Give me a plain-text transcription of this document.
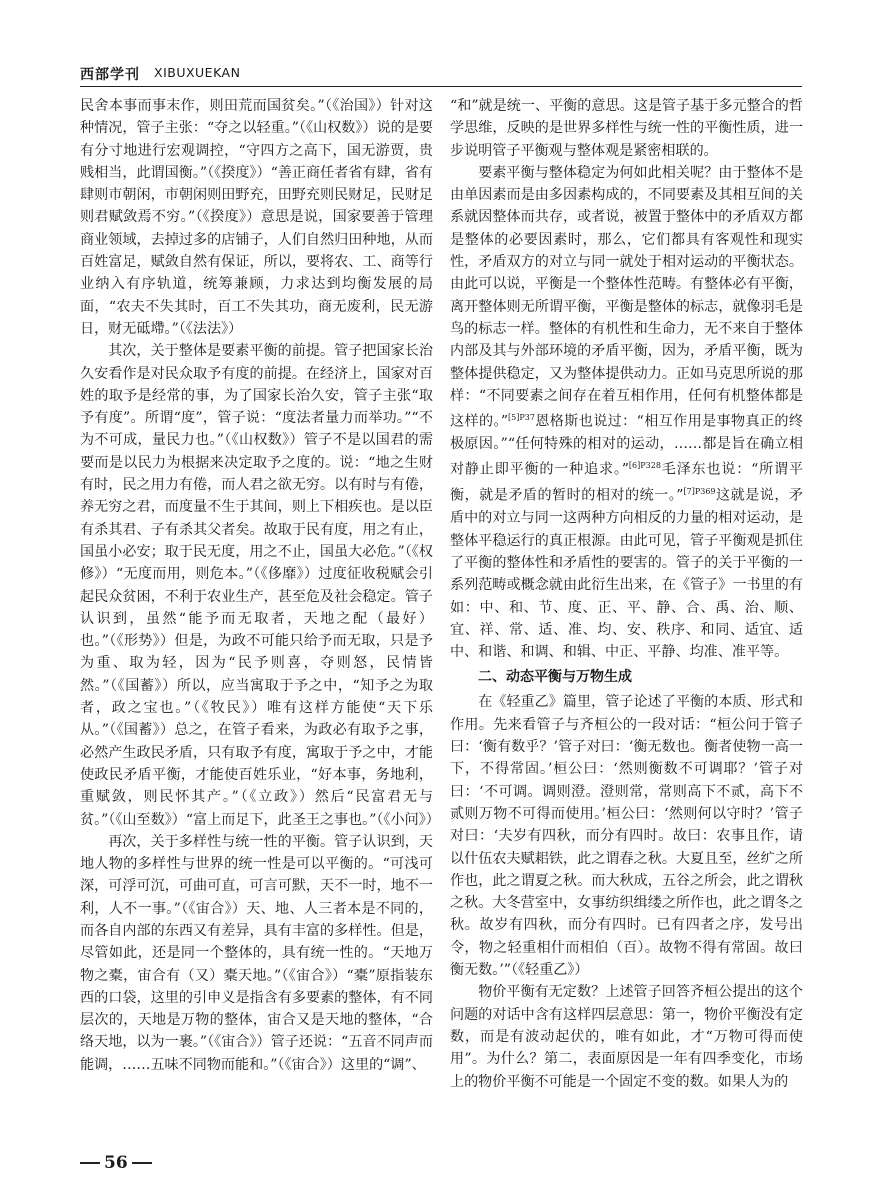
西部学刊 XIBUXUEKAN

民舍本事而事末作，则田荒而国贫矣。”（《治国》）针对这种情况，管子主张：“夺之以轻重。”（《山权数》）说的是要有分寸地进行宏观调控，“守四方之高下，国无游贾，贵贱相当，此谓国衡。”（《揆度》）“善正商任者省有肆，省有肆则市朝闲，市朝闲则田野充，田野充则民财足，民财足则君赋敛焉不穷。”（《揆度》）意思是说，国家要善于管理商业领域，去掉过多的店铺子，人们自然归田种地，从而百姓富足，赋敛自然有保证，所以，要将农、工、商等行业纳入有序轨道，统筹兼顾，力求达到均衡发展的局面，“农夫不失其时，百工不失其功，商无废利，民无游日，财无砥墆。”（《法法》）

其次，关于整体是要素平衡的前提。管子把国家长治久安看作是对民众取予有度的前提。在经济上，国家对百姓的取予是经常的事，为了国家长治久安，管子主张“取予有度”。所谓“度”，管子说：“度法者量力而举功。”“不为不可成，量民力也。”（《山权数》）管子不是以国君的需要而是以民力为根据来决定取予之度的。说：“地之生财有时，民之用力有倦，而人君之欲无穷。以有时与有倦，养无穷之君，而度量不生于其间，则上下相疾也。是以臣有杀其君、子有杀其父者矣。故取于民有度，用之有止，国虽小必安；取于民无度，用之不止，国虽大必危。”（《权修》）“无度而用，则危本。”（《侈靡》）过度征收税赋会引起民众贫困，不利于农业生产，甚至危及社会稳定。管子认识到，虽然“能予而无取者，天地之配（最好）也。”（《形势》）但是，为政不可能只给予而无取，只是予为重、取为轻，因为“民予则喜，夺则怒，民情皆然。”（《国蓄》）所以，应当寓取于予之中，“知予之为取者，政之宝也。”（《牧民》）唯有这样方能使“天下乐从。”（《国蓄》）总之，在管子看来，为政必有取予之事，必然产生政民矛盾，只有取予有度，寓取于予之中，才能使政民矛盾平衡，才能使百姓乐业，“好本事，务地利，重赋敛，则民怀其产。”（《立政》）然后“民富君无与贫。”（《山至数》）“富上而足下，此圣王之事也。”（《小问》）

再次，关于多样性与统一性的平衡。管子认识到，天地人物的多样性与世界的统一性是可以平衡的。“可浅可深，可浮可沉，可曲可直，可言可默，天不一时，地不一利，人不一事。”（《宙合》）天、地、人三者本是不同的，而各自内部的东西又有差异，具有丰富的多样性。但是，尽管如此，还是同一个整体的，具有统一性的。“天地万物之橐，宙合有（又）橐天地。”（《宙合》）“橐”原指装东西的口袋，这里的引申义是指含有多要素的整体，有不同层次的，天地是万物的整体，宙合又是天地的整体，“合络天地，以为一裹。”（《宙合》）管子还说：“五音不同声而能调，……五味不同物而能和。”（《宙合》）这里的“调”、

“和”就是统一、平衡的意思。这是管子基于多元整合的哲学思维，反映的是世界多样性与统一性的平衡性质，进一步说明管子平衡观与整体观是紧密相联的。

要素平衡与整体稳定为何如此相关呢？由于整体不是由单因素而是由多因素构成的，不同要素及其相互间的关系就因整体而共存，或者说，被置于整体中的矛盾双方都是整体的必要因素时，那么，它们都具有客观性和现实性，矛盾双方的对立与同一就处于相对运动的平衡状态。由此可以说，平衡是一个整体性范畴。有整体必有平衡，离开整体则无所谓平衡，平衡是整体的标志，就像羽毛是鸟的标志一样。整体的有机性和生命力，无不来自于整体内部及其与外部环境的矛盾平衡，因为，矛盾平衡，既为整体提供稳定，又为整体提供动力。正如马克思所说的那样：“不同要素之间存在着互相作用，任何有机整体都是这样的。”$^{[5]P37}$恩格斯也说过：“相互作用是事物真正的终极原因。”“任何特殊的相对的运动，……都是旨在确立相对静止即平衡的一种追求。”$^{[6]P328}$毛泽东也说：“所谓平衡，就是矛盾的暂时的相对的统一。”$^{[7]P369}$这就是说，矛盾中的对立与同一这两种方向相反的力量的相对运动，是整体平稳运行的真正根源。由此可见，管子平衡观是抓住了平衡的整体性和矛盾性的要害的。管子的关于平衡的一系列范畴或概念就由此衍生出来，在《管子》一书里的有如：中、和、节、度、正、平、静、合、禹、治、顺、宜、祥、常、适、准、均、安、秩序、和同、适宜、适中、和谐、和调、和辑、中正、平静、均准、准平等。

二、动态平衡与万物生成

在《轻重乙》篇里，管子论述了平衡的本质、形式和作用。先来看管子与齐桓公的一段对话：“桓公问于管子曰：‘衡有数乎？’管子对曰：‘衡无数也。衡者使物一高一下，不得常固。’桓公曰：‘然则衡数不可调耶？’管子对曰：‘不可调。调则澄。澄则常，常则高下不贰，高下不贰则万物不可得而使用。’桓公曰：‘然则何以守时？’管子对曰：‘夫岁有四秋，而分有四时。故曰：农事且作，请以什伍农夫赋耜铁，此之谓春之秋。大夏且至，丝纩之所作也，此之谓夏之秋。而大秋成，五谷之所会，此之谓秋之秋。大冬营室中，女事纺织缉缕之所作也，此之谓冬之秋。故岁有四秋，而分有四时。已有四者之序，发号出令，物之轻重相什而相伯（百）。故物不得有常固。故曰衡无数。’”（《轻重乙》）

物价平衡有无定数？上述管子回答齐桓公提出的这个问题的对话中含有这样四层意思：第一，物价平衡没有定数，而是有波动起伏的，唯有如此，才“万物可得而使用”。为什么？第二，表面原因是一年有四季变化，市场上的物价平衡不可能是一个固定不变的数。如果人为的

56
